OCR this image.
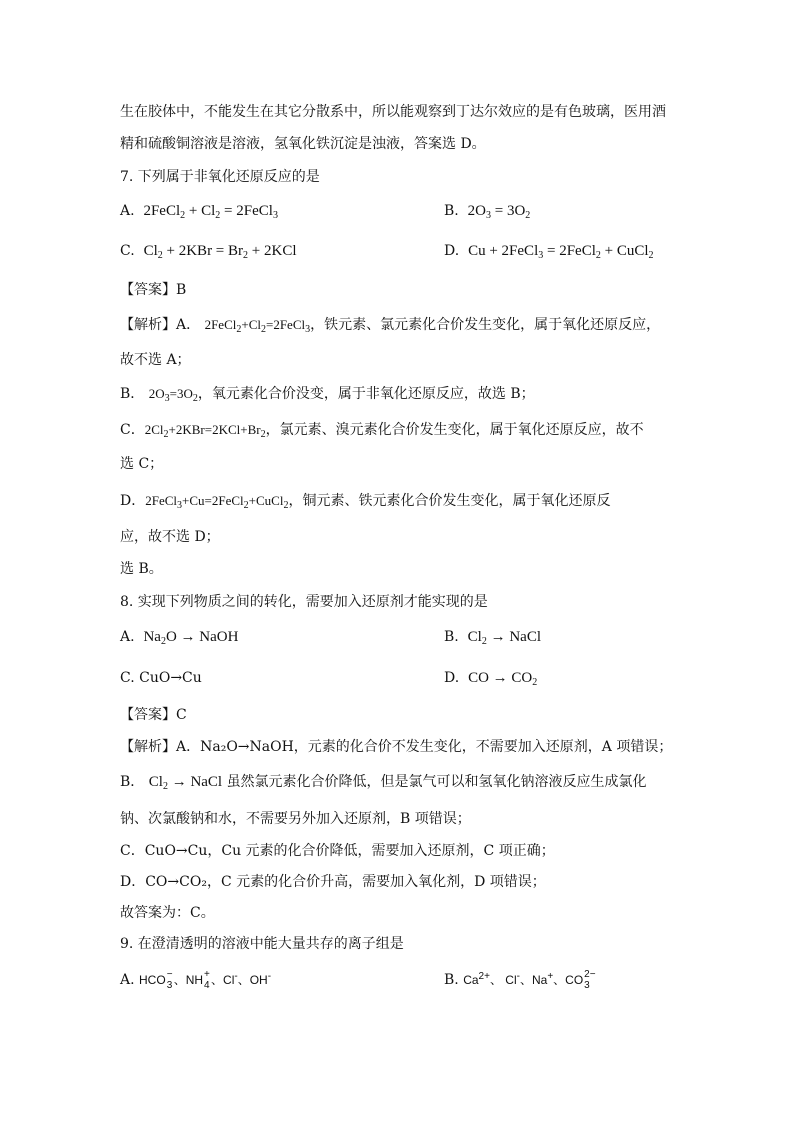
生在胶体中，不能发生在其它分散系中，所以能观察到丁达尔效应的是有色玻璃，医用酒
精和硫酸铜溶液是溶液，氢氧化铁沉淀是浊液，答案选 D。
7. 下列属于非氧化还原反应的是
A. 2FeCl$_2$ + $Cl_2$ = 2FeCl$_3$	B. $2O_3 = 3O_2$
C. $Cl_2 + 2KBr = Br_2 + 2KCl$	D. Cu + 2FeCl$_3$ = 2FeCl$_2$ + CuCl$_2$
【答案】B
【解析】A． $2FeCl_2+Cl_2=2FeCl_3$，铁元素、氯元素化合价发生变化，属于氧化还原反应，
故不选 A；
B． $2O_3=3O_2$，氧元素化合价没变，属于非氧化还原反应，故选 B；
C．$2Cl_2+2KBr=2KCl+Br_2$，氯元素、溴元素化合价发生变化，属于氧化还原反应，故不
选 C；
D．2FeCl$_3$+Cu=2FeCl$_2$+CuCl$_2$，铜元素、铁元素化合价发生变化，属于氧化还原反
应，故不选 D；
选 B。
8. 实现下列物质之间的转化，需要加入还原剂才能实现的是
A. $Na_2O$ → NaOH	B. $Cl_2$ → NaCl
C. CuO→Cu	D. CO → $CO_2$
【答案】C
【解析】A．Na₂O→NaOH，元素的化合价不发生变化，不需要加入还原剂，A 项错误；
B． $Cl_2$ → NaCl 虽然氯元素化合价降低，但是氯气可以和氢氧化钠溶液反应生成氯化
钠、次氯酸钠和水，不需要另外加入还原剂，B 项错误；
C．CuO→Cu，Cu 元素的化合价降低，需要加入还原剂，C 项正确；
D．CO→CO₂，C 元素的化合价升高，需要加入氧化剂，D 项错误；
故答案为：C。
9. 在澄清透明的溶液中能大量共存的离子组是
A. HCO −
3 、NH +
4 、Cl-、OH-	B. $Ca^{2+}$、 Cl-、Na+、CO 2−
3
